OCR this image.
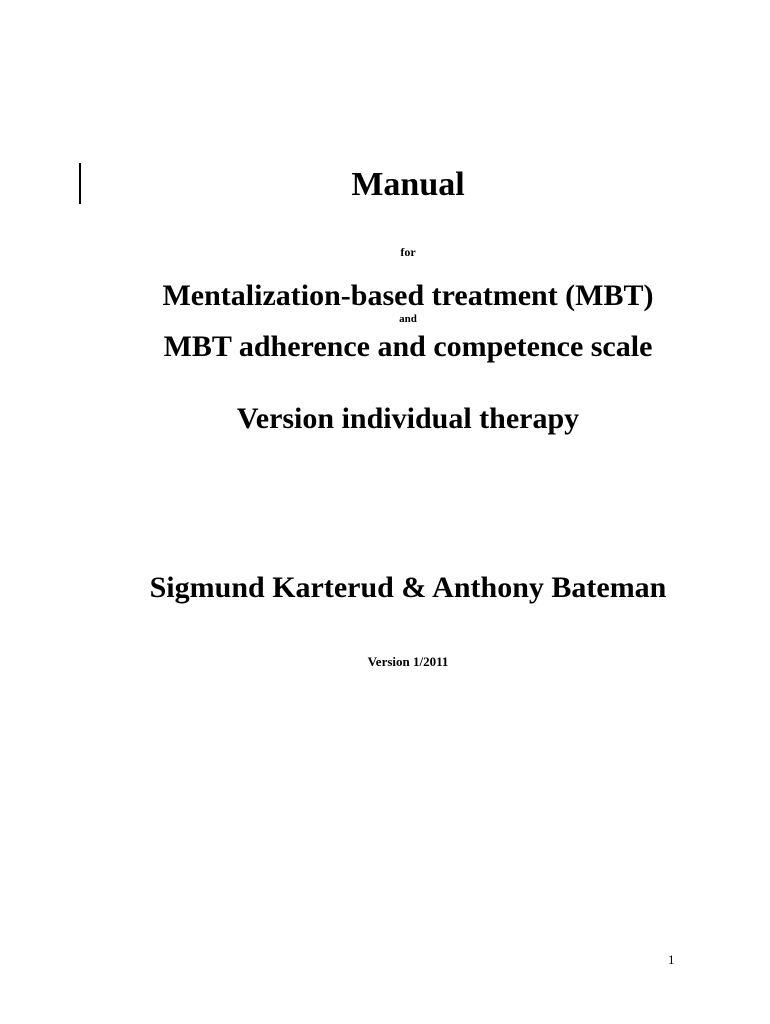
Manual
for
Mentalization-based treatment (MBT)
and
MBT adherence and competence scale
Version individual therapy
Sigmund Karterud & Anthony Bateman
Version 1/2011
1
